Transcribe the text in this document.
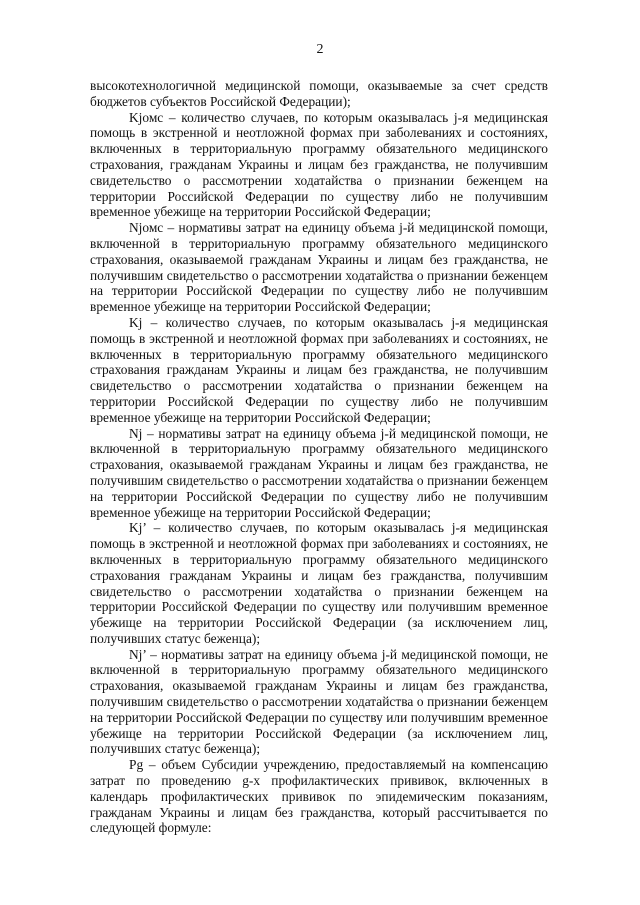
2

высокотехнологичной медицинской помощи, оказываемые за счет средств бюджетов субъектов Российской Федерации);

Kjомс – количество случаев, по которым оказывалась j-я медицинская помощь в экстренной и неотложной формах при заболеваниях и состояниях, включенных в территориальную программу обязательного медицинского страхования, гражданам Украины и лицам без гражданства, не получившим свидетельство о рассмотрении ходатайства о признании беженцем на территории Российской Федерации по существу либо не получившим временное убежище на территории Российской Федерации;

Njомс – нормативы затрат на единицу объема j-й медицинской помощи, включенной в территориальную программу обязательного медицинского страхования, оказываемой гражданам Украины и лицам без гражданства, не получившим свидетельство о рассмотрении ходатайства о признании беженцем на территории Российской Федерации по существу либо не получившим временное убежище на территории Российской Федерации;

Kj – количество случаев, по которым оказывалась j-я медицинская помощь в экстренной и неотложной формах при заболеваниях и состояниях, не включенных в территориальную программу обязательного медицинского страхования гражданам Украины и лицам без гражданства, не получившим свидетельство о рассмотрении ходатайства о признании беженцем на территории Российской Федерации по существу либо не получившим временное убежище на территории Российской Федерации;

Nj – нормативы затрат на единицу объема j-й медицинской помощи, не включенной в территориальную программу обязательного медицинского страхования, оказываемой гражданам Украины и лицам без гражданства, не получившим свидетельство о рассмотрении ходатайства о признании беженцем на территории Российской Федерации по существу либо не получившим временное убежище на территории Российской Федерации;

Kj’ – количество случаев, по которым оказывалась j-я медицинская помощь в экстренной и неотложной формах при заболеваниях и состояниях, не включенных в территориальную программу обязательного медицинского страхования гражданам Украины и лицам без гражданства, получившим свидетельство о рассмотрении ходатайства о признании беженцем на территории Российской Федерации по существу или получившим временное убежище на территории Российской Федерации (за исключением лиц, получивших статус беженца);

Nj’ – нормативы затрат на единицу объема j-й медицинской помощи, не включенной в территориальную программу обязательного медицинского страхования, оказываемой гражданам Украины и лицам без гражданства, получившим свидетельство о рассмотрении ходатайства о признании беженцем на территории Российской Федерации по существу или получившим временное убежище на территории Российской Федерации (за исключением лиц, получивших статус беженца);

Pg – объем Субсидии учреждению, предоставляемый на компенсацию затрат по проведению g-х профилактических прививок, включенных в календарь профилактических прививок по эпидемическим показаниям, гражданам Украины и лицам без гражданства, который рассчитывается по следующей формуле:
